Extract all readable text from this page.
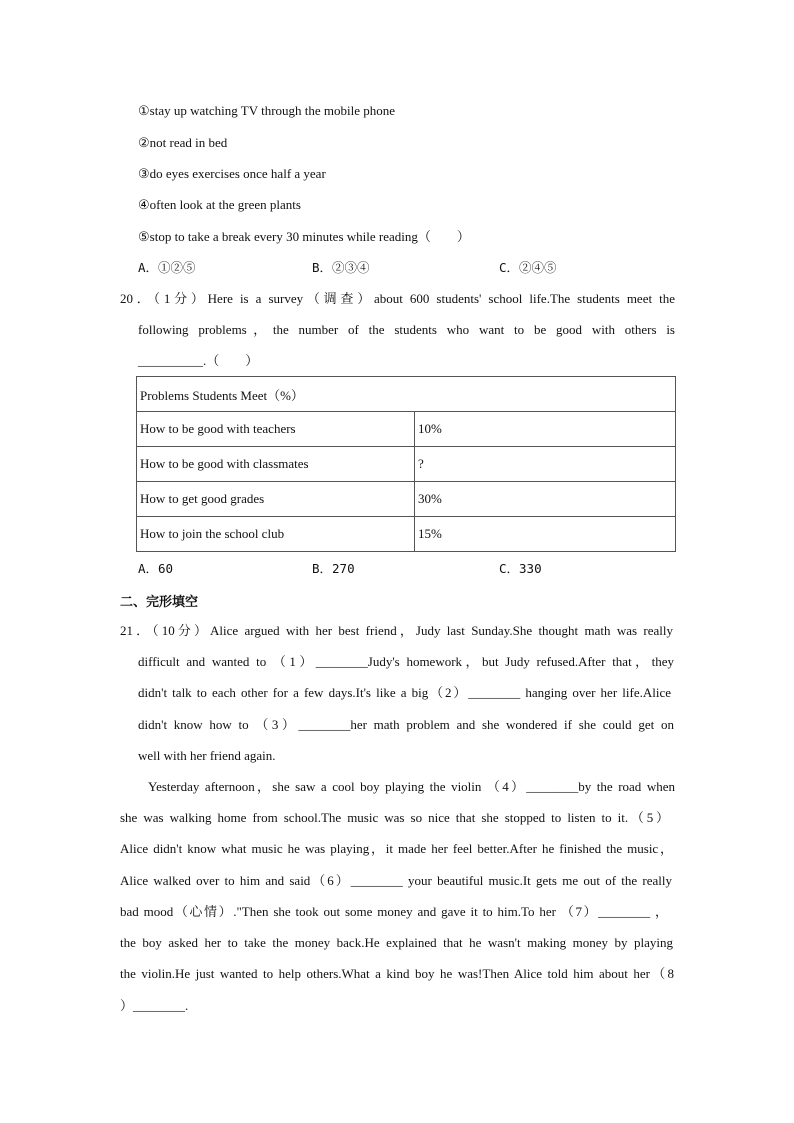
①stay up watching TV through the mobile phone
②not read in bed
③do eyes exercises once half a year
④often look at the green plants
⑤stop to take a break every 30 minutes while reading（　　）
A．①②⑤	B．②③④	C．②④⑤
20．（1分）Here is a survey（调查）about 600 students' school life.The students meet the
following problems，the number of the students who want to be good with others is
__________.（　　）
Problems Students Meet（%）	
How to be good with teachers	10%
How to be good with classmates	?
How to get good grades	30%
How to join the school club	15%
A．60	B．270	C．330
二、完形填空
21．（10分）Alice argued with her best friend，Judy last Sunday.She thought math was really
difficult and wanted to （1）________Judy's homework，but Judy refused.After that，they
didn't talk to each other for a few days.It's like a big（2）________ hanging over her life.Alice
didn't know how to （3）________her math problem and she wondered if she could get on
well with her friend again.
Yesterday afternoon，she saw a cool boy playing the violin （4）________by the road when
she was walking home from school.The music was so nice that she stopped to listen to it.（5）
Alice didn't know what music he was playing，it made her feel better.After he finished the music，
Alice walked over to him and said（6）________ your beautiful music.It gets me out of the really
bad mood（心情）."Then she took out some money and gave it to him.To her （7）________ ，
the boy asked her to take the money back.He explained that he wasn't making money by playing
the violin.He just wanted to help others.What a kind boy he was!Then Alice told him about her（8
）________.
